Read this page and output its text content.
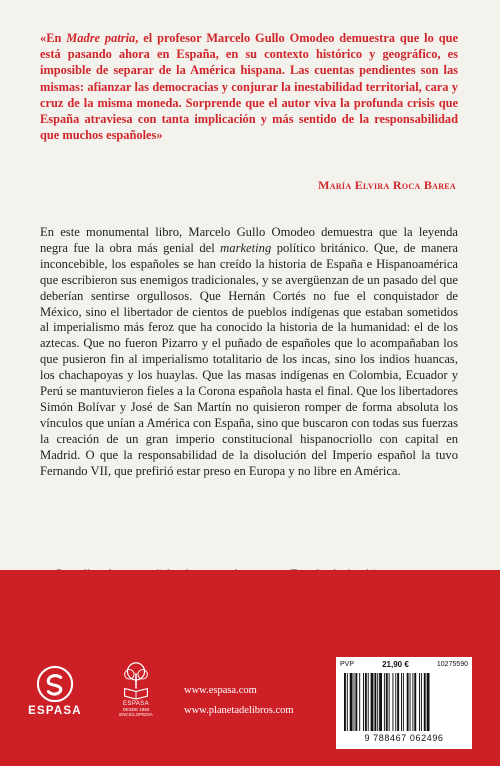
«En Madre patria, el profesor Marcelo Gullo Omodeo demuestra que lo que está pasando ahora en España, en su contexto histórico y geográfico, es imposible de separar de la América hispana. Las cuentas pendientes son las mismas: afianzar las democracias y conjurar la inestabilidad territorial, cara y cruz de la misma moneda. Sorprende que el autor viva la profunda crisis que España atraviesa con tanta implicación y más sentido de la responsabilidad que muchos españoles»

María Elvira Roca Barea

En este monumental libro, Marcelo Gullo Omodeo demuestra que la leyenda negra fue la obra más genial del marketing político británico. Que, de manera inconcebible, los españoles se han creído la historia de España e Hispanoamérica que escribieron sus enemigos tradicionales, y se avergüenzan de un pasado del que deberían sentirse orgullosos. Que Hernán Cortés no fue el conquistador de México, sino el libertador de cientos de pueblos indígenas que estaban sometidos al imperialismo más feroz que ha conocido la historia de la humanidad: el de los aztecas. Que no fueron Pizarro y el puñado de españoles que lo acompañaban los que pusieron fin al imperialismo totalitario de los incas, sino los indios huancas, los chachapoyas y los huaylas. Que las masas indígenas en Colombia, Ecuador y Perú se mantuvieron fieles a la Corona española hasta el final. Que los libertadores Simón Bolívar y José de San Martín no quisieron romper de forma absoluta los vínculos que unían a América con España, sino que buscaron con todas sus fuerzas la creación de un gran imperio constitucional hispanocriollo con capital en Madrid. O que la responsabilidad de la disolución del Imperio español la tuvo Fernando VII, que prefirió estar preso en Europa y no libre en América.

ESPASA
ESPASA
DESDE 1860
ENCICLOPEDIA
www.espasa.com
www.planetadelibros.com
PVP	21,90 €	10275590
9 788467 062496
